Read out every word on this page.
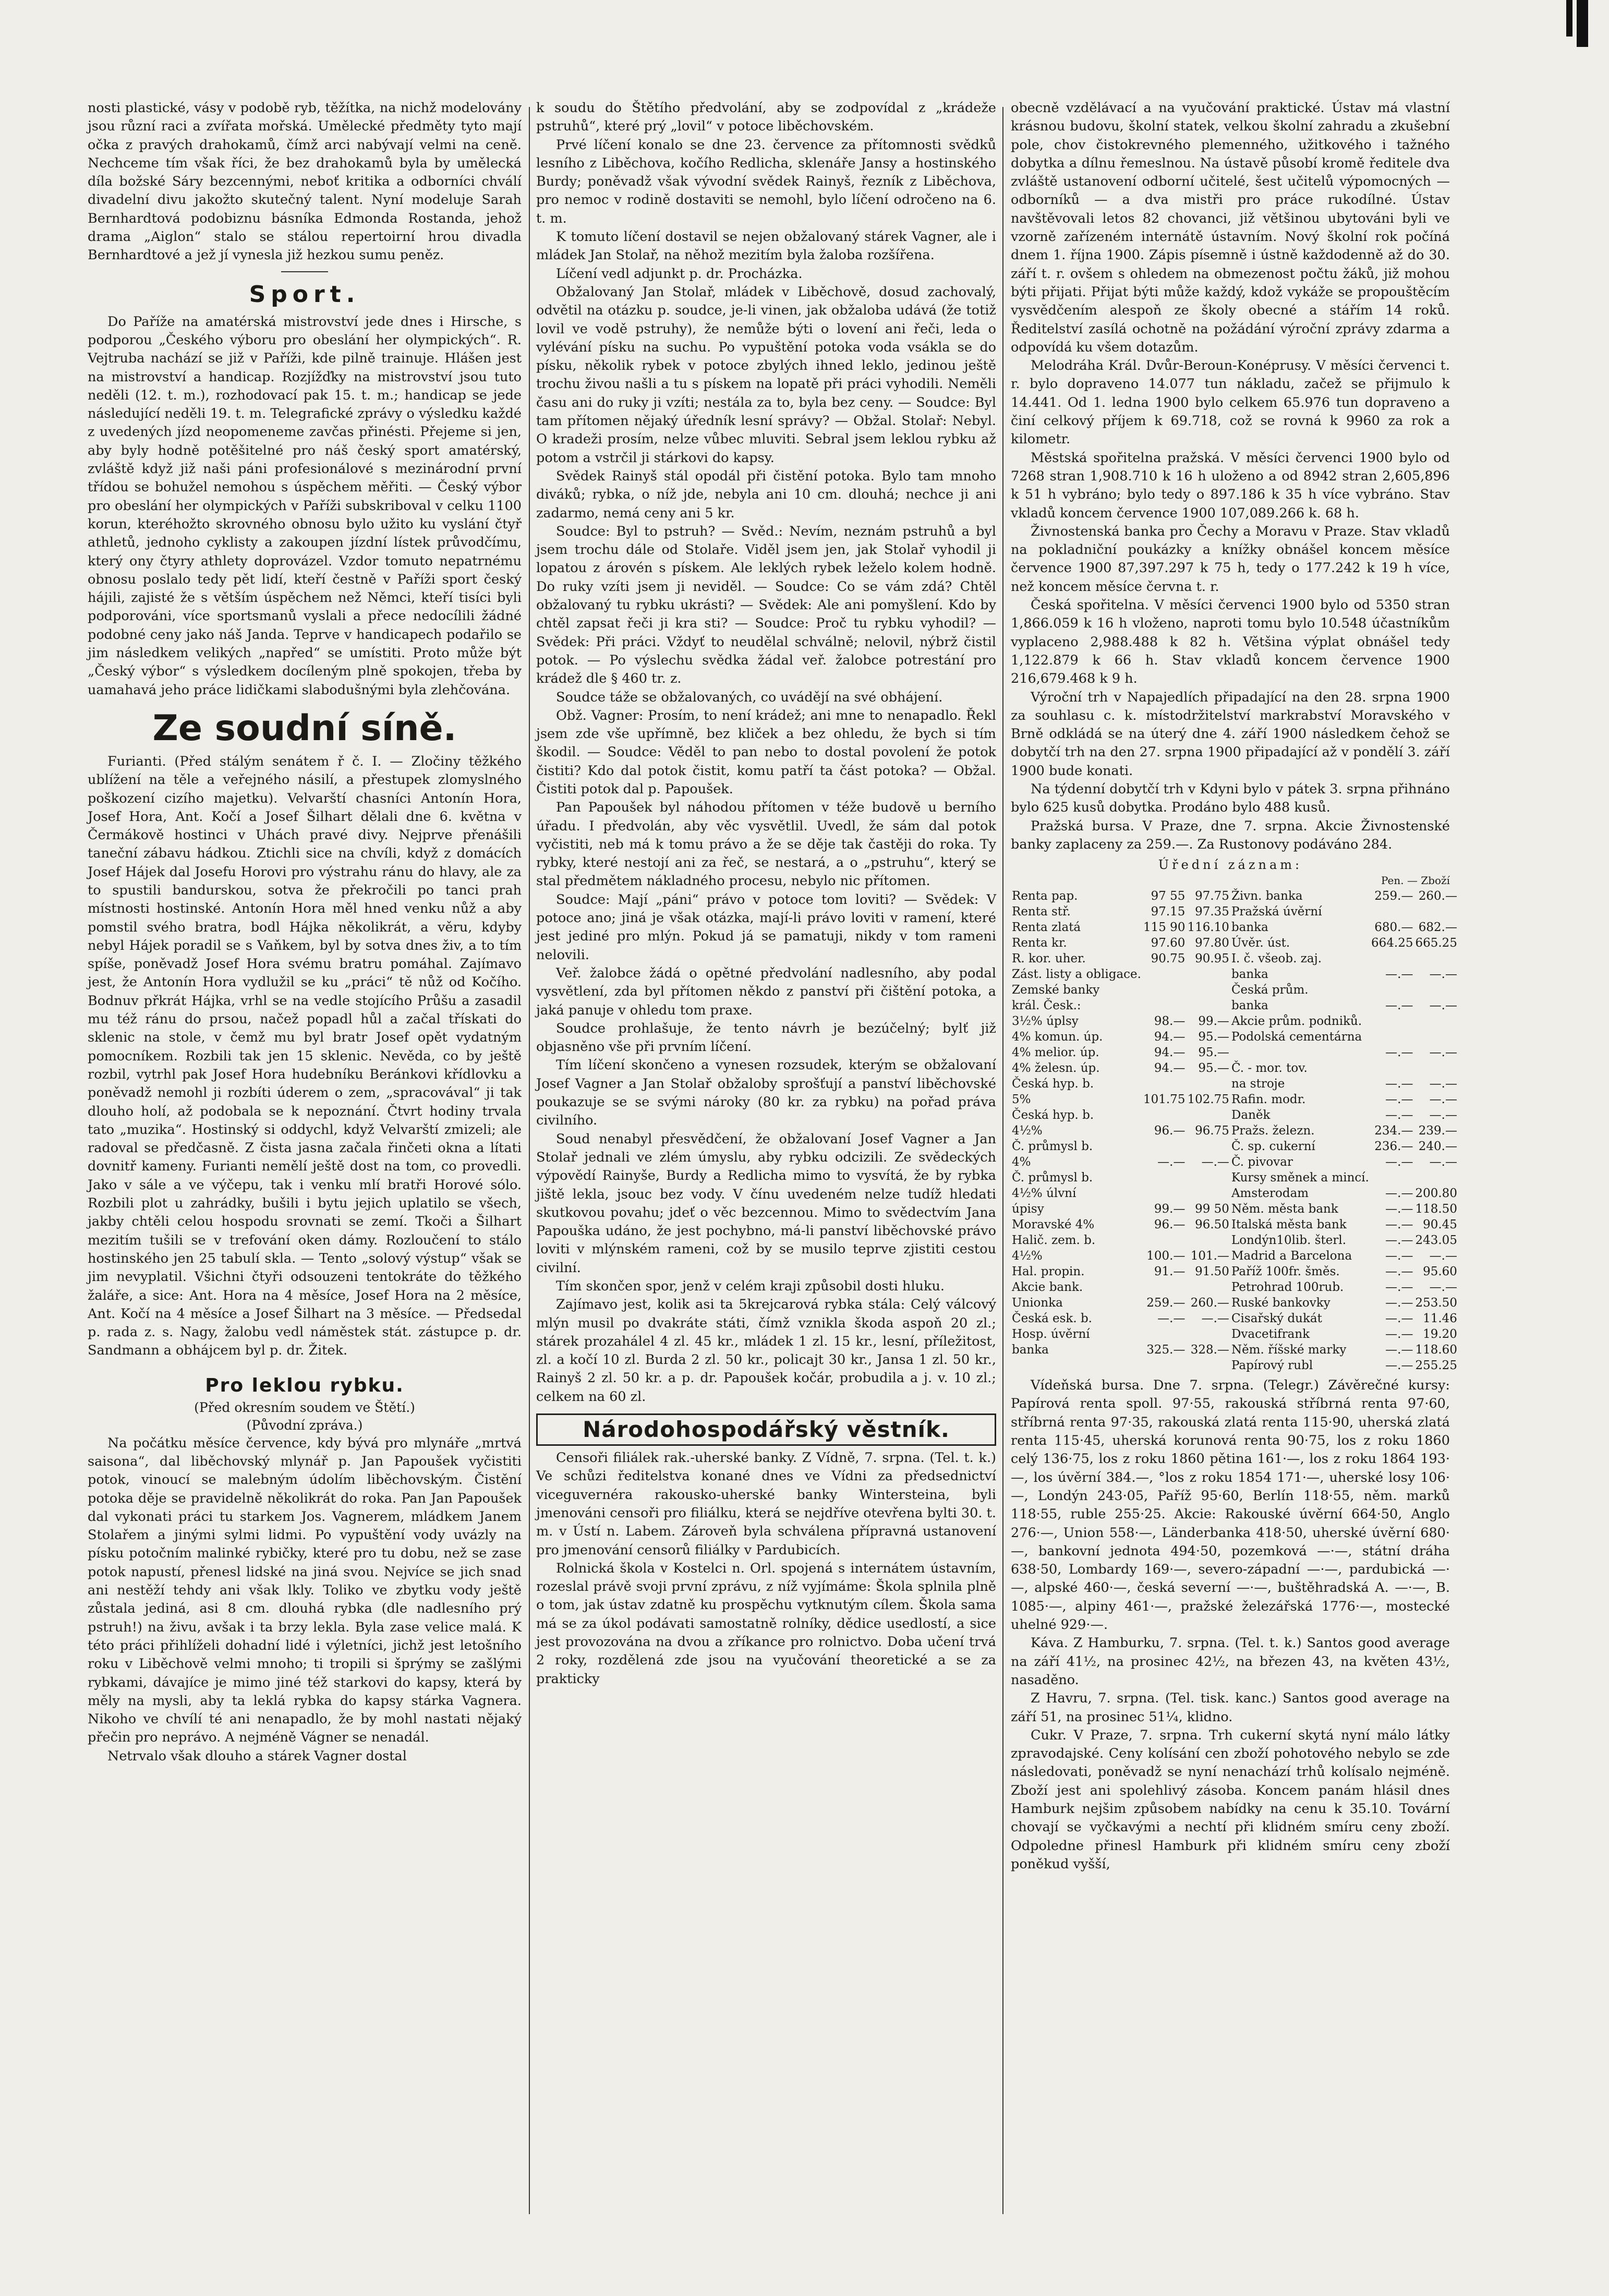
nosti plastické, vásy v podobě ryb, těžítka, na nichž modelovány jsou různí raci a zvířata mořská. Umělecké předměty tyto mají očka z pravých drahokamů, čímž arci nabývají velmi na ceně. Nechceme tím však říci, že bez drahokamů byla by umělecká díla božské Sáry bezcennými, neboť kritika a odborníci chválí divadelní divu jakožto skutečný talent. Nyní modeluje Sarah Bernhardtová podobiznu básníka Edmonda Rostanda, jehož drama „Aiglon“ stalo se stálou repertoirní hrou divadla Bernhardtové a jež jí vynesla již hezkou sumu peněz.

Sport.

Do Paříže na amatérská mistrovství jede dnes i Hirsche, s podporou „Českého výboru pro obeslání her olympických“. R. Vejtruba nachází se již v Paříži, kde pilně trainuje. Hlášen jest na mistrovství a handicap. Rozjížďky na mistrovství jsou tuto neděli (12. t. m.), rozhodovací pak 15. t. m.; handicap se jede následující neděli 19. t. m. Telegrafické zprávy o výsledku každé z uvedených jízd neopomeneme zavčas přinésti. Přejeme si jen, aby byly hodně potěšitelné pro náš český sport amatérský, zvláště když již naši páni profesionálové s mezinárodní první třídou se bohužel nemohou s úspěchem měřiti. — Český výbor pro obeslání her olympických v Paříži subskriboval v celku 1100 korun, kteréhožto skrovného obnosu bylo užito ku vyslání čtyř athletů, jednoho cyklisty a zakoupen jízdní lístek průvodčímu, který ony čtyry athlety doprovázel. Vzdor tomuto nepatrnému obnosu poslalo tedy pět lidí, kteří čestně v Paříži sport český hájili, zajisté že s větším úspěchem než Němci, kteří tisíci byli podporováni, více sportsmanů vyslali a přece nedocílili žádné podobné ceny jako náš Janda. Teprve v handicapech podařilo se jim následkem velikých „napřed“ se umístiti. Proto může být „Český výbor“ s výsledkem docíleným plně spokojen, třeba by uamahavá jeho práce lidičkami slabodušnými byla zlehčována.

Ze soudní síně.

Furianti. (Před stálým senátem ř č. I. — Zločiny těžkého ublížení na těle a veřejného násilí, a přestupek zlomyslného poškození cizího majetku). Velvarští chasníci Antonín Hora, Josef Hora, Ant. Kočí a Josef Šilhart dělali dne 6. května v Čermákově hostinci v Uhách pravé divy. Nejprve přenášili taneční zábavu hádkou. Ztichli sice na chvíli, když z domácích Josef Hájek dal Josefu Horovi pro výstrahu ránu do hlavy, ale za to spustili bandurskou, sotva že překročili po tanci prah místnosti hostinské. Antonín Hora měl hned venku nůž a aby pomstil svého bratra, bodl Hájka několikrát, a věru, kdyby nebyl Hájek poradil se s Vaňkem, byl by sotva dnes živ, a to tím spíše, poněvadž Josef Hora svému bratru pomáhal. Zajímavo jest, že Antonín Hora vydlužil se ku „práci“ tě nůž od Kočího. Bodnuv přkrát Hájka, vrhl se na vedle stojícího Průšu a zasadil mu též ránu do prsou, načež popadl hůl a začal třískati do sklenic na stole, v čemž mu byl bratr Josef opět vydatným pomocníkem. Rozbili tak jen 15 sklenic. Nevěda, co by ještě rozbil, vytrhl pak Josef Hora hudebníku Beránkovi křídlovku a poněvadž nemohl ji rozbíti úderem o zem, „spracovával“ ji tak dlouho holí, až podobala se k nepoznání. Čtvrt hodiny trvala tato „muzika“. Hostinský si oddychl, když Velvarští zmizeli; ale radoval se předčasně. Z čista jasna začala řinčeti okna a lítati dovnitř kameny. Furianti nemělí ještě dost na tom, co provedli. Jako v sále a ve výčepu, tak i venku mlí bratři Horové sólo. Rozbili plot u zahrádky, bušili i bytu jejich uplatilo se všech, jakby chtěli celou hospodu srovnati se zemí. Tkoči a Šilhart mezitím tušili se v trefování oken dámy. Rozloučení to stálo hostinského jen 25 tabulí skla. — Tento „solový výstup“ však se jim nevyplatil. Všichni čtyři odsouzeni tentokráte do těžkého žaláře, a sice: Ant. Hora na 4 měsíce, Josef Hora na 2 měsíce, Ant. Kočí na 4 měsíce a Josef Šilhart na 3 měsíce. — Předsedal p. rada z. s. Nagy, žalobu vedl náměstek stát. zástupce p. dr. Sandmann a obhájcem byl p. dr. Žitek.

Pro leklou rybku.
(Před okresním soudem ve Štětí.)
(Původní zpráva.)

Na počátku měsíce července, kdy bývá pro mlynáře „mrtvá saisona“, dal liběchovský mlynář p. Jan Papoušek vyčistiti potok, vinoucí se malebným údolím liběchovským. Čistění potoka děje se pravidelně několikrát do roka. Pan Jan Papoušek dal vykonati práci tu starkem Jos. Vagnerem, mládkem Janem Stolařem a jinými sylmi lidmi. Po vypuštění vody uvázly na písku potočním malinké rybičky, které pro tu dobu, než se zase potok napustí, přenesl lidské na jiná svou. Nejvíce se jich snad ani nestěží tehdy ani však lkly. Toliko ve zbytku vody ještě zůstala jediná, asi 8 cm. dlouhá rybka (dle nadlesního prý pstruh!) na živu, avšak i ta brzy lekla. Byla zase velice malá. K této práci přihlíželi dohadní lidé i výletníci, jichž jest letošního roku v Liběchově velmi mnoho; ti tropili si šprýmy se zašlými rybkami, dávajíce je mimo jiné též starkovi do kapsy, která by měly na mysli, aby ta leklá rybka do kapsy stárka Vagnera. Nikoho ve chvílí té ani nenapadlo, že by mohl nastati nějaký přečin pro neprávo. A nejméně Vágner se nenadál.

Netrvalo však dlouho a stárek Vagner dostal

k soudu do Štětího předvolání, aby se zodpovídal z „krádeže pstruhů“, které prý „lovil“ v potoce liběchovském.

Prvé líčení konalo se dne 23. července za přítomnosti svědků lesního z Liběchova, kočího Redlicha, sklenáře Jansy a hostinského Burdy; poněvadž však vývodní svědek Rainyš, řezník z Liběchova, pro nemoc v rodině dostaviti se nemohl, bylo líčení odročeno na 6. t. m.

K tomuto líčení dostavil se nejen obžalovaný stárek Vagner, ale i mládek Jan Stolař, na něhož mezitím byla žaloba rozšířena.

Líčení vedl adjunkt p. dr. Procházka.

Obžalovaný Jan Stolař, mládek v Liběchově, dosud zachovalý, odvětil na otázku p. soudce, je-li vinen, jak obžaloba udává (že totiž lovil ve vodě pstruhy), že nemůže býti o lovení ani řeči, leda o vylévání písku na suchu. Po vypuštění potoka voda vsákla se do písku, několik rybek v potoce zbylých ihned leklo, jedinou ještě trochu živou našli a tu s pískem na lopatě při práci vyhodili. Neměli času ani do ruky ji vzíti; nestála za to, byla bez ceny. — Soudce: Byl tam přítomen nějaký úředník lesní správy? — Obžal. Stolař: Nebyl. O kradeži prosím, nelze vůbec mluviti. Sebral jsem leklou rybku až potom a vstrčil ji stárkovi do kapsy.

Svědek Rainyš stál opodál při čistění potoka. Bylo tam mnoho diváků; rybka, o níž jde, nebyla ani 10 cm. dlouhá; nechce ji ani zadarmo, nemá ceny ani 5 kr.

Soudce: Byl to pstruh? — Svěd.: Nevím, neznám pstruhů a byl jsem trochu dále od Stolaře. Viděl jsem jen, jak Stolař vyhodil ji lopatou z árovén s pískem. Ale leklých rybek leželo kolem hodně. Do ruky vzíti jsem ji neviděl. — Soudce: Co se vám zdá? Chtěl obžalovaný tu rybku ukrásti? — Svědek: Ale ani pomyšlení. Kdo by chtěl zapsat řeči ji kra sti? — Soudce: Proč tu rybku vyhodil? — Svědek: Při práci. Vždyť to neudělal schválně; nelovil, nýbrž čistil potok. — Po výslechu svědka žádal veř. žalobce potrestání pro krádež dle § 460 tr. z.

Soudce táže se obžalovaných, co uvádějí na své obhájení.

Obž. Vagner: Prosím, to není krádež; ani mne to nenapadlo. Řekl jsem zde vše upřímně, bez kliček a bez ohledu, že bych si tím škodil. — Soudce: Věděl to pan nebo to dostal povolení že potok čistiti? Kdo dal potok čistit, komu patří ta část potoka? — Obžal. Čistiti potok dal p. Papoušek.

Pan Papoušek byl náhodou přítomen v téže budově u berního úřadu. I předvolán, aby věc vysvětlil. Uvedl, že sám dal potok vyčistiti, neb má k tomu právo a že se děje tak častěji do roka. Ty rybky, které nestojí ani za řeč, se nestará, a o „pstruhu“, který se stal předmětem nákladného procesu, nebylo nic přítomen.

Soudce: Mají „páni“ právo v potoce tom loviti? — Svědek: V potoce ano; jiná je však otázka, mají-li právo loviti v ramení, které jest jediné pro mlýn. Pokud já se pamatuji, nikdy v tom rameni nelovili.

Veř. žalobce žádá o opětné předvolání nadlesního, aby podal vysvětlení, zda byl přítomen někdo z panství při čištění potoka, a jaká panuje v ohledu tom praxe.

Soudce prohlašuje, že tento návrh je bezúčelný; bylť již objasněno vše při prvním líčení.

Tím líčení skončeno a vynesen rozsudek, kterým se obžalovaní Josef Vagner a Jan Stolař obžaloby sprošťují a panství liběchovské poukazuje se se svými nároky (80 kr. za rybku) na pořad práva civilního.

Soud nenabyl přesvědčení, že obžalovaní Josef Vagner a Jan Stolař jednali ve zlém úmyslu, aby rybku odcizili. Ze svědeckých výpovědí Rainyše, Burdy a Redlicha mimo to vysvítá, že by rybka jiště lekla, jsouc bez vody. V čínu uvedeném nelze tudíž hledati skutkovou povahu; jdeť o věc bezcennou. Mimo to svědectvím Jana Papouška udáno, že jest pochybno, má-li panství liběchovské právo loviti v mlýnském rameni, což by se musilo teprve zjistiti cestou civilní.

Tím skončen spor, jenž v celém kraji způsobil dosti hluku.

Zajímavo jest, kolik asi ta 5krejcarová rybka stála: Celý válcový mlýn musil po dvakráte státi, čímž vznikla škoda aspoň 20 zl.; stárek prozahálel 4 zl. 45 kr., mládek 1 zl. 15 kr., lesní, příležitost, zl. a kočí 10 zl. Burda 2 zl. 50 kr., policajt 30 kr., Jansa 1 zl. 50 kr., Rainyš 2 zl. 50 kr. a p. dr. Papoušek kočár, probudila a j. v. 10 zl.; celkem na 60 zl.

Národohospodářský věstník.

Censoři filiálek rak.-uherské banky. Z Vídně, 7. srpna. (Tel. t. k.) Ve schůzi ředitelstva konané dnes ve Vídni za předsednictví viceguvernéra rakousko-uherské banky Wintersteina, byli jmenováni censoři pro filiálku, která se nejdříve otevřena bylti 30. t. m. v Ústí n. Labem. Zároveň byla schválena přípravná ustanovení pro jmenování censorů filiálky v Pardubicích.

Rolnická škola v Kostelci n. Orl. spojená s internátem ústavním, rozeslal právě svoji první zprávu, z níž vyjímáme: Škola splnila plně o tom, jak ústav zdatně ku prospěchu vytknutým cílem. Škola sama má se za úkol podávati samostatně rolníky, dědice usedlostí, a sice jest provozována na dvou a zříkance pro rolnictvo. Doba učení trvá 2 roky, rozdělená zde jsou na vyučování theoretické a se za prakticky

obecně vzdělávací a na vyučování praktické. Ústav má vlastní krásnou budovu, školní statek, velkou školní zahradu a zkušební pole, chov čistokrevného plemenného, užitkového i tažného dobytka a dílnu řemeslnou. Na ústavě působí kromě ředitele dva zvláště ustanovení odborní učitelé, šest učitelů výpomocných — odborníků — a dva mistři pro práce rukodílné. Ústav navštěvovali letos 82 chovanci, již většinou ubytováni byli ve vzorně zařízeném internátě ústavním. Nový školní rok počíná dnem 1. října 1900. Zápis písemně i ústně každodenně až do 30. září t. r. ovšem s ohledem na obmezenost počtu žáků, již mohou býti přijati. Přijat býti může každý, kdož vykáže se propouštěcím vysvědčením alespoň ze školy obecné a stářím 14 roků. Ředitelství zasílá ochotně na požádání výroční zprávy zdarma a odpovídá ku všem dotazům.

Melodráha Král. Dvůr-Beroun-Konéprusy. V měsíci červenci t. r. bylo dopraveno 14.077 tun nákladu, začež se přijmulo k 14.441. Od 1. ledna 1900 bylo celkem 65.976 tun dopraveno a činí celkový příjem k 69.718, což se rovná k 9960 za rok a kilometr.

Městská spořitelna pražská. V měsíci červenci 1900 bylo od 7268 stran 1,908.710 k 16 h uloženo a od 8942 stran 2,605,896 k 51 h vybráno; bylo tedy o 897.186 k 35 h více vybráno. Stav vkladů koncem července 1900 107,089.266 k. 68 h.

Živnostenská banka pro Čechy a Moravu v Praze. Stav vkladů na pokladniční poukázky a knížky obnášel koncem měsíce července 1900 87,397.297 k 75 h, tedy o 177.242 k 19 h více, než koncem měsíce června t. r.

Česká spořitelna. V měsíci červenci 1900 bylo od 5350 stran 1,866.059 k 16 h vloženo, naproti tomu bylo 10.548 účastníkům vyplaceno 2,988.488 k 82 h. Většina výplat obnášel tedy 1,122.879 k 66 h. Stav vkladů koncem července 1900 216,679.468 k 9 h.

Výroční trh v Napajedlích připadající na den 28. srpna 1900 za souhlasu c. k. místodržitelství markrabství Moravského v Brně odkládá se na úterý dne 4. září 1900 následkem čehož se dobytčí trh na den 27. srpna 1900 připadající až v pondělí 3. září 1900 bude konati.

Na týdenní dobytčí trh v Kdyni bylo v pátek 3. srpna přihnáno bylo 625 kusů dobytka. Prodáno bylo 488 kusů.

Pražská bursa. V Praze, dne 7. srpna. Akcie Živnostenské banky zaplaceny za 259.—. Za Rustonovy podáváno 284.

Úřední záznam:
Pen. — Zboží
Renta pap.	97 55	97.75	Živn. banka	259.—	260.—
Renta stř.	97.15	97.35	Pražská úvěrní		
Renta zlatá	115 90	116.10	banka	680.—	682.—
Renta kr.	97.60	97.80	Úvěr. úst.	664.25	665.25
R. kor. uher.	90.75	90.95	I. č. všeob. zaj.		
Zást. listy a obligace.			banka	—.—	—.—
Zemské banky			Česká prům.		
král. Česk.:			banka	—.—	—.—
3½% úplsy	98.—	99.—	Akcie prům. podniků.		
4% komun. úp.	94.—	95.—	Podolská cementárna		
4% melior. úp.	94.—	95.—		—.—	—.—
4% želesn. úp.	94.—	95.—	Č. - mor. tov.		
Česká hyp. b.			na stroje	—.—	—.—
5%	101.75	102.75	Rafin. modr.	—.—	—.—
Česká hyp. b.			Daněk	—.—	—.—
4½%	96.—	96.75	Pražs. železn.	234.—	239.—
Č. průmysl b.			Č. sp. cukerní	236.—	240.—
4%	—.—	—.—	Č. pivovar	—.—	—.—
Č. průmysl b.			Kursy směnek a mincí.		
4½% úlvní			Amsterodam	—.—	200.80
úpisy	99.—	99 50	Něm. města bank	—.—	118.50
Moravské 4%	96.—	96.50	Italská města bank	—.—	90.45
Halič. zem. b.			Londýn10lib. šterl.	—.—	243.05
4½%	100.—	101.—	Madrid a Barcelona	—.—	—.—
Hal. propin.	91.—	91.50	Paříž 100fr. šměs.	—.—	95.60
Akcie bank.			Petrohrad 100rub.	—.—	—.—
Unionka	259.—	260.—	Ruské bankovky	—.—	253.50
Česká esk. b.	—.—	—.—	Cisařský dukát	—.—	11.46
Hosp. úvěrní			Dvacetifrank	—.—	19.20
banka	325.—	328.—	Něm. říšské marky	—.—	118.60
			Papírový rubl	—.—	255.25

Vídeňská bursa. Dne 7. srpna. (Telegr.) Závěrečné kursy: Papírová renta spoll. 97·55, rakouská stříbrná renta 97·60, stříbrná renta 97·35, rakouská zlatá renta 115·90, uherská zlatá renta 115·45, uherská korunová renta 90·75, los z roku 1860 celý 136·75, los z roku 1860 pětina 161·—, los z roku 1864 193·—, los úvěrní 384.—, °los z roku 1854 171·—, uherské losy 106·—, Londýn 243·05, Paříž 95·60, Berlín 118·55, něm. marků 118·55, ruble 255·25. Akcie: Rakouské úvěrní 664·50, Anglo 276·—, Union 558·—, Länderbanka 418·50, uherské úvěrní 680·—, bankovní jednota 494·50, pozemková —·—, státní dráha 638·50, Lombardy 169·—, severo-západní —·—, pardubická —·—, alpské 460·—, česká severní —·—, buštěhradská A. —·—, B. 1085·—, alpiny 461·—, pražské železářská 1776·—, mostecké uhelné 929·—.

Káva. Z Hamburku, 7. srpna. (Tel. t. k.) Santos good average na září 41½, na prosinec 42½, na březen 43, na květen 43½, nasaděno.

Z Havru, 7. srpna. (Tel. tisk. kanc.) Santos good average na září 51, na prosinec 51¼, klidno.

Cukr. V Praze, 7. srpna. Trh cukerní skytá nyní málo látky zpravodajské. Ceny kolísání cen zboží pohotového nebylo se zde následovati, poněvadž se nyní nenachází trhů kolísalo nejméně. Zboží jest ani spolehlivý zásoba. Koncem panám hlásil dnes Hamburk nejšim způsobem nabídky na cenu k 35.10. Tovární chovají se vyčkavými a nechtí při klidném smíru ceny zboží. Odpoledne přinesl Hamburk při klidném smíru ceny zboží poněkud vyšší,
